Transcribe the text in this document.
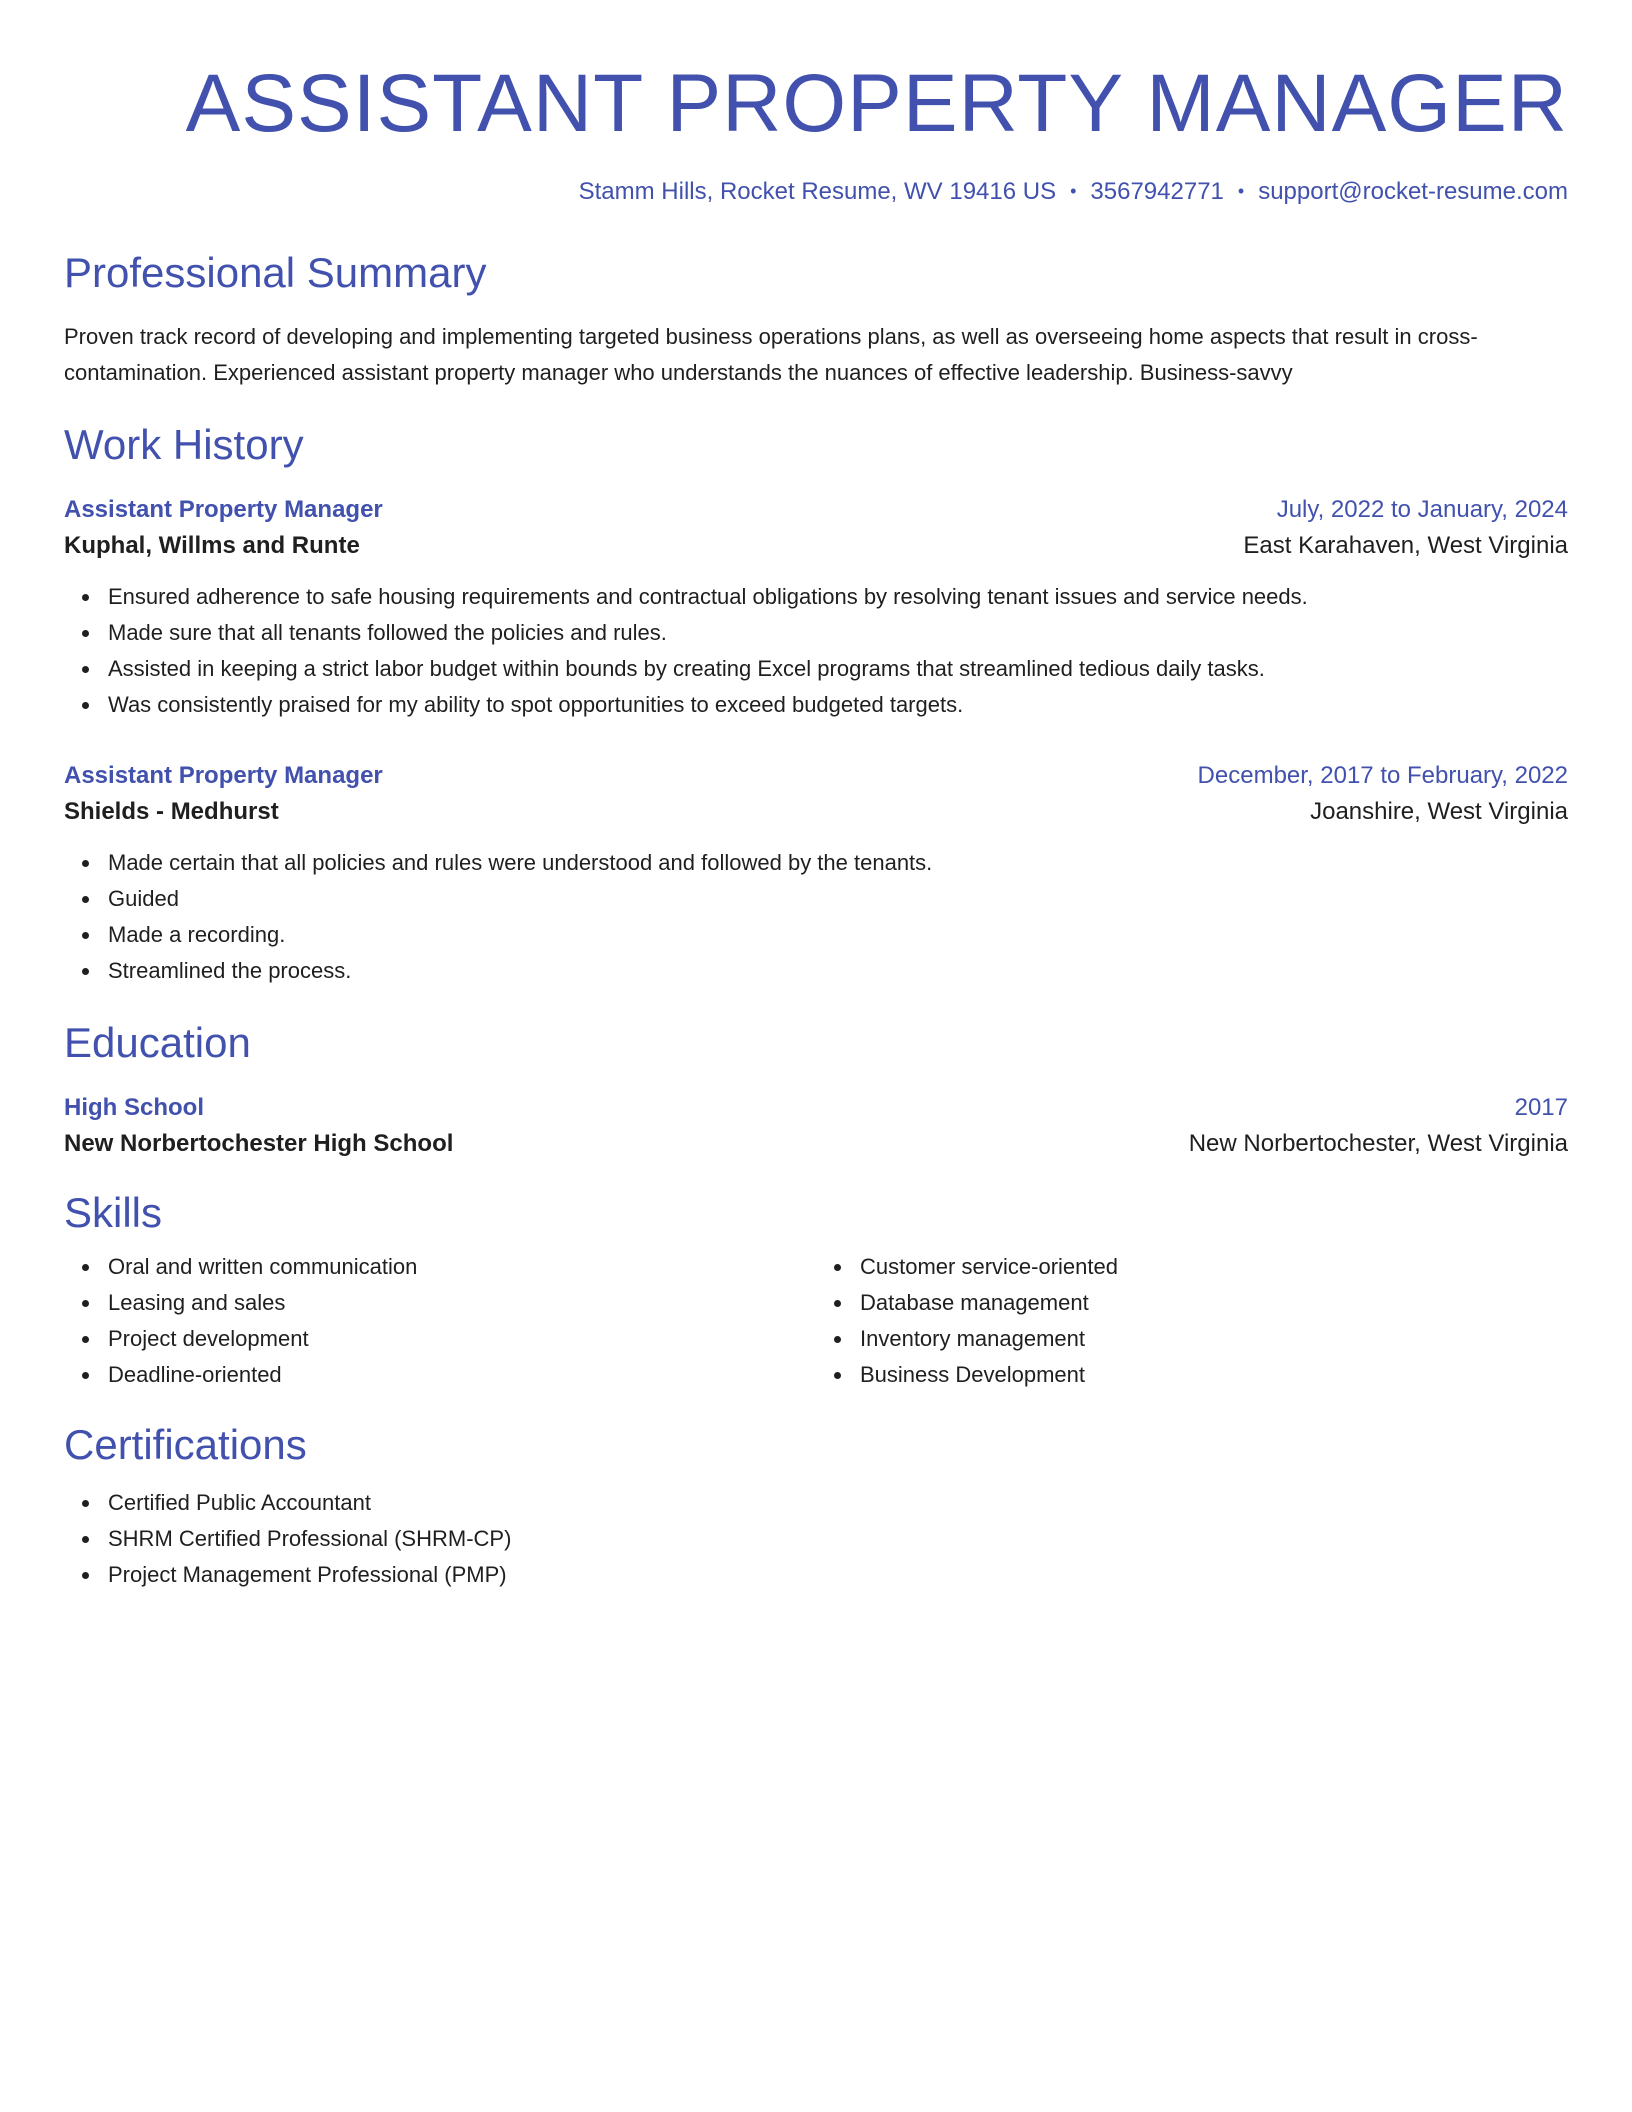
ASSISTANT PROPERTY MANAGER
Stamm Hills, Rocket Resume, WV 19416 US • 3567942771 • support@rocket-resume.com
Professional Summary

Proven track record of developing and implementing targeted business operations plans, as well as overseeing home aspects that result in cross-contamination. Experienced assistant property manager who understands the nuances of effective leadership. Business-savvy

Work History
Assistant Property Manager	July, 2022 to January, 2024
Kuphal, Willms and Runte	East Karahaven, West Virginia
Ensured adherence to safe housing requirements and contractual obligations by resolving tenant issues and service needs.
Made sure that all tenants followed the policies and rules.
Assisted in keeping a strict labor budget within bounds by creating Excel programs that streamlined tedious daily tasks.
Was consistently praised for my ability to spot opportunities to exceed budgeted targets.
Assistant Property Manager	December, 2017 to February, 2022
Shields - Medhurst	Joanshire, West Virginia
Made certain that all policies and rules were understood and followed by the tenants.
Guided
Made a recording.
Streamlined the process.
Education
High School	2017
New Norbertochester High School	New Norbertochester, West Virginia
Skills
Oral and written communication
Leasing and sales
Project development
Deadline-oriented
Customer service-oriented
Database management
Inventory management
Business Development
Certifications
Certified Public Accountant
SHRM Certified Professional (SHRM-CP)
Project Management Professional (PMP)
